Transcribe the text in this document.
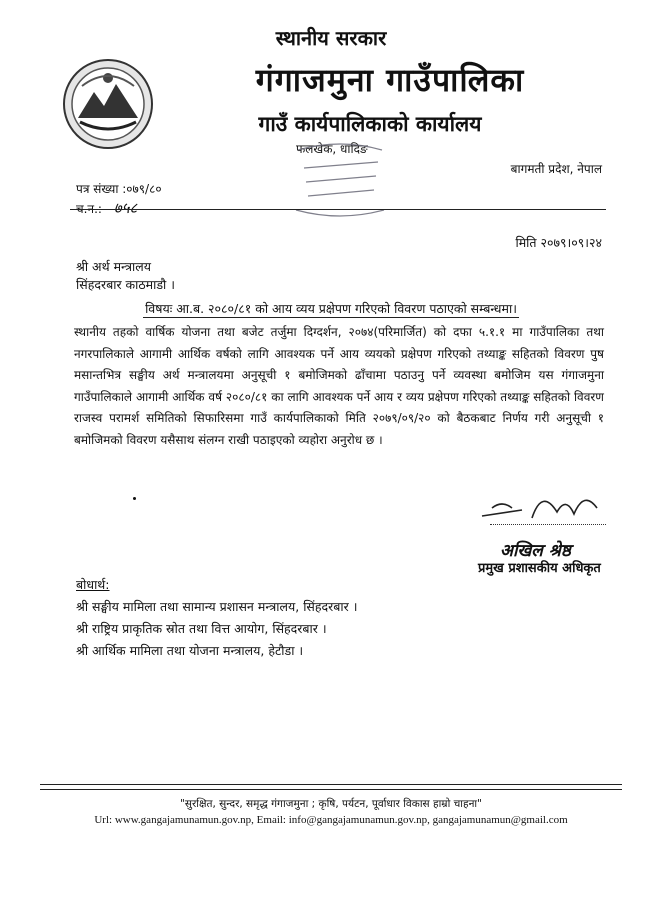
स्थानीय सरकार
गंगाजमुना गाउँपालिका
गाउँ कार्यपालिकाको कार्यालय
फलखेक, धादिङ
बागमती प्रदेश, नेपाल
पत्र संख्या :०७९/८०
च.न.: ७५८
मिति २०७९।०९।२४
श्री अर्थ मन्त्रालय
सिंहदरबार काठमाडौ ।
विषयः आ.ब. २०८०/८१ को आय व्यय प्रक्षेपण गरिएको विवरण पठाएको सम्बन्धमा।
स्थानीय तहको वार्षिक योजना तथा बजेट तर्जुमा दिग्दर्शन, २०७४(परिमार्जित) को दफा ५.१.१ मा गाउँपालिका तथा नगरपालिकाले आगामी आर्थिक वर्षको लागि आवश्यक पर्ने आय व्ययको प्रक्षेपण गरिएको तथ्याङ्क सहितको विवरण पुष मसान्तभित्र सङ्घीय अर्थ मन्त्रालयमा अनुसूची १ बमोजिमको ढाँचामा पठाउनु पर्ने व्यवस्था बमोजिम यस गंगाजमुना गाउँपालिकाले आगामी आर्थिक वर्ष २०८०/८१ का लागि आवश्यक पर्ने आय र व्यय प्रक्षेपण गरिएको तथ्याङ्क सहितको विवरण राजस्व परामर्श समितिको सिफारिसमा गाउँ कार्यपालिकाको मिति २०७९/०९/२० को बैठकबाट निर्णय गरी अनुसूची १ बमोजिमको विवरण यसैसाथ संलग्न राखी पठाइएको व्यहोरा अनुरोध छ ।
अखिल श्रेष्ठ
प्रमुख प्रशासकीय अधिकृत
बोधार्थ:
श्री सङ्घीय मामिला तथा सामान्य प्रशासन मन्त्रालय, सिंहदरबार ।
श्री राष्ट्रिय प्राकृतिक स्रोत तथा वित्त आयोग, सिंहदरबार ।
श्री आर्थिक मामिला तथा योजना मन्त्रालय, हेटौडा ।
"सुरक्षित, सुन्दर, समृद्ध गंगाजमुना ; कृषि, पर्यटन, पूर्वाधार विकास हाम्रो चाहना"
Url: www.gangajamunamun.gov.np, Email: info@gangajamunamun.gov.np, gangajamunamun@gmail.com
